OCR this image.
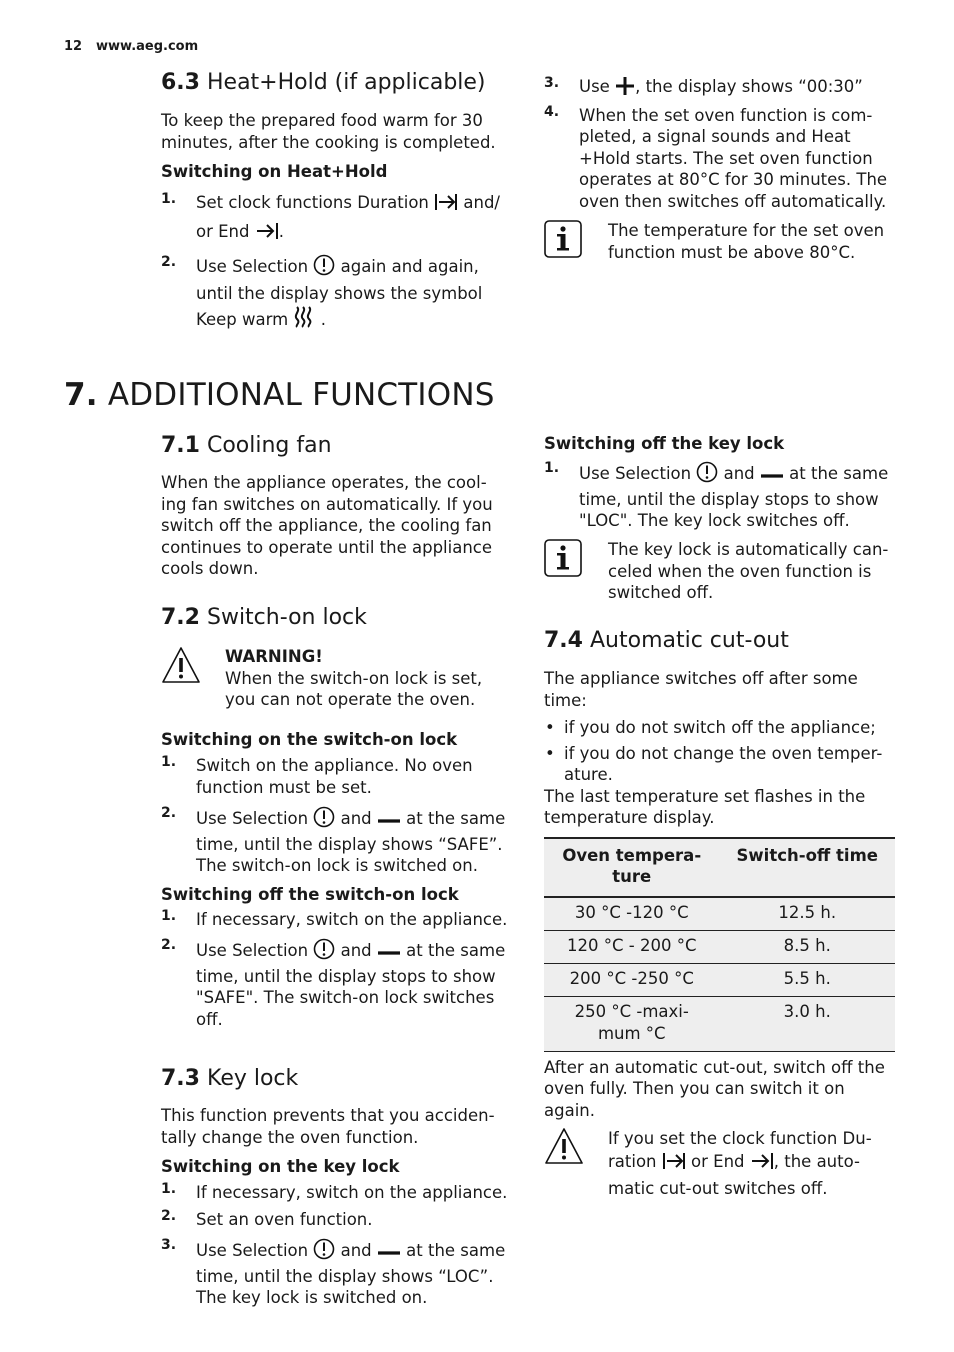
12 www.aeg.com
6.3 Heat+Hold (if applicable)

To keep the prepared food warm for 30 minutes, after the cooking is completed.

Switching on Heat+Hold
1. Set clock functions Duration and/ or End .
2. Use Selection again and again, until the display shows the symbol Keep warm .
3. Use , the display shows “00:30”
4. When the set oven function is com- pleted, a signal sounds and Heat +Hold starts. The set oven function operates at 80°C for 30 minutes. The oven then switches off automatically.
The temperature for the set oven function must be above 80°C.
7. ADDITIONAL FUNCTIONS
7.1 Cooling fan

When the appliance operates, the cool- ing fan switches on automatically. If you switch off the appliance, the cooling fan continues to operate until the appliance cools down.

7.2 Switch-on lock
WARNING!
When the switch-on lock is set, you can not operate the oven.
Switching on the switch-on lock
1. Switch on the appliance. No oven function must be set.
2. Use Selection and at the same time, until the display shows “SAFE”. The switch-on lock is switched on.
Switching off the switch-on lock
1. If necessary, switch on the appliance.
2. Use Selection and at the same time, until the display stops to show "SAFE". The switch-on lock switches off.
7.3 Key lock

This function prevents that you acciden- tally change the oven function.

Switching on the key lock
1. If necessary, switch on the appliance.
2. Set an oven function.
3. Use Selection and at the same time, until the display shows “LOC”. The key lock is switched on.
Switching off the key lock
1. Use Selection and at the same time, until the display stops to show "LOC". The key lock switches off.
The key lock is automatically can- celed when the oven function is switched off.
7.4 Automatic cut-out

The appliance switches off after some time:

• if you do not switch off the appliance;
• if you do not change the oven temper- ature.

The last temperature set flashes in the temperature display.

Oven tempera- ture	Switch-off time
30 °C -120 °C	12.5 h.
120 °C - 200 °C	8.5 h.
200 °C -250 °C	5.5 h.
250 °C -maxi- mum °C	3.0 h.

After an automatic cut-out, switch off the oven fully. Then you can switch it on again.

If you set the clock function Du- ration or End , the auto- matic cut-out switches off.
